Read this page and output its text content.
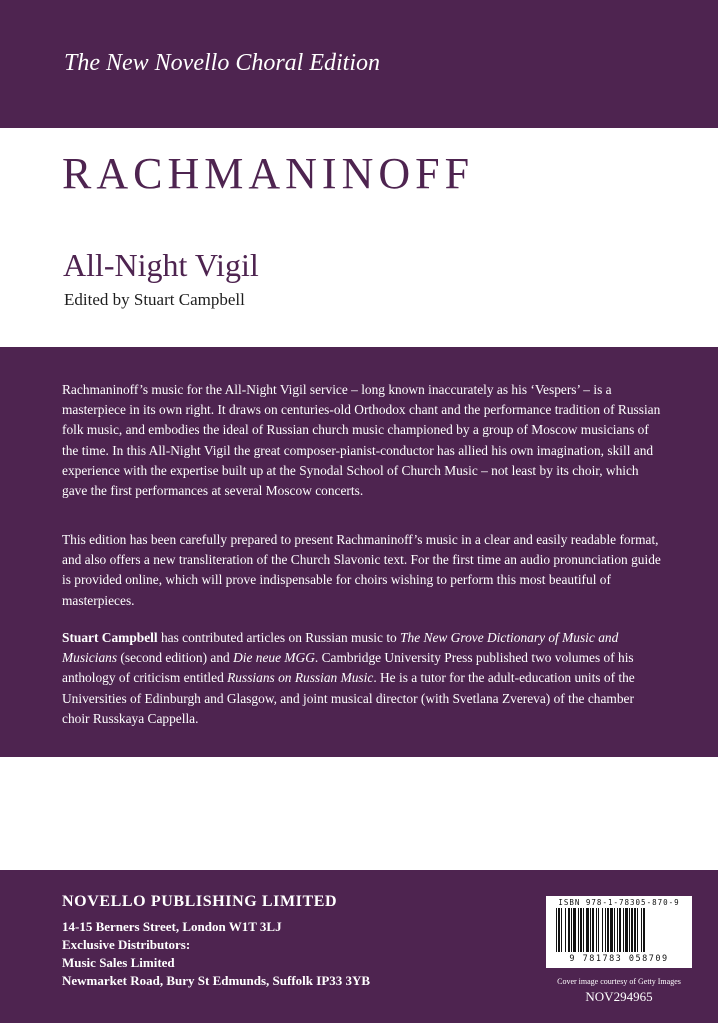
The New Novello Choral Edition
RACHMANINOFF
All-Night Vigil
Edited by Stuart Campbell

Rachmaninoff’s music for the All-Night Vigil service – long known inaccurately as his ‘Vespers’ – is a masterpiece in its own right. It draws on centuries-old Orthodox chant and the performance tradition of Russian folk music, and embodies the ideal of Russian church music championed by a group of Moscow musicians of the time. In this All-Night Vigil the great composer-pianist-conductor has allied his own imagination, skill and experience with the expertise built up at the Synodal School of Church Music – not least by its choir, which gave the first performances at several Moscow concerts.

This edition has been carefully prepared to present Rachmaninoff’s music in a clear and easily readable format, and also offers a new transliteration of the Church Slavonic text. For the first time an audio pronunciation guide is provided online, which will prove indispensable for choirs wishing to perform this most beautiful of masterpieces.

Stuart Campbell has contributed articles on Russian music to The New Grove Dictionary of Music and Musicians (second edition) and Die neue MGG. Cambridge University Press published two volumes of his anthology of criticism entitled Russians on Russian Music. He is a tutor for the adult-education units of the Universities of Edinburgh and Glasgow, and joint musical director (with Svetlana Zvereva) of the chamber choir Russkaya Cappella.

NOVELLO PUBLISHING LIMITED
14-15 Berners Street, London W1T 3LJ
Exclusive Distributors:
Music Sales Limited
Newmarket Road, Bury St Edmunds, Suffolk IP33 3YB
ISBN 978-1-78305-870-9
9 781783 058709
Cover image courtesy of Getty Images
NOV294965
